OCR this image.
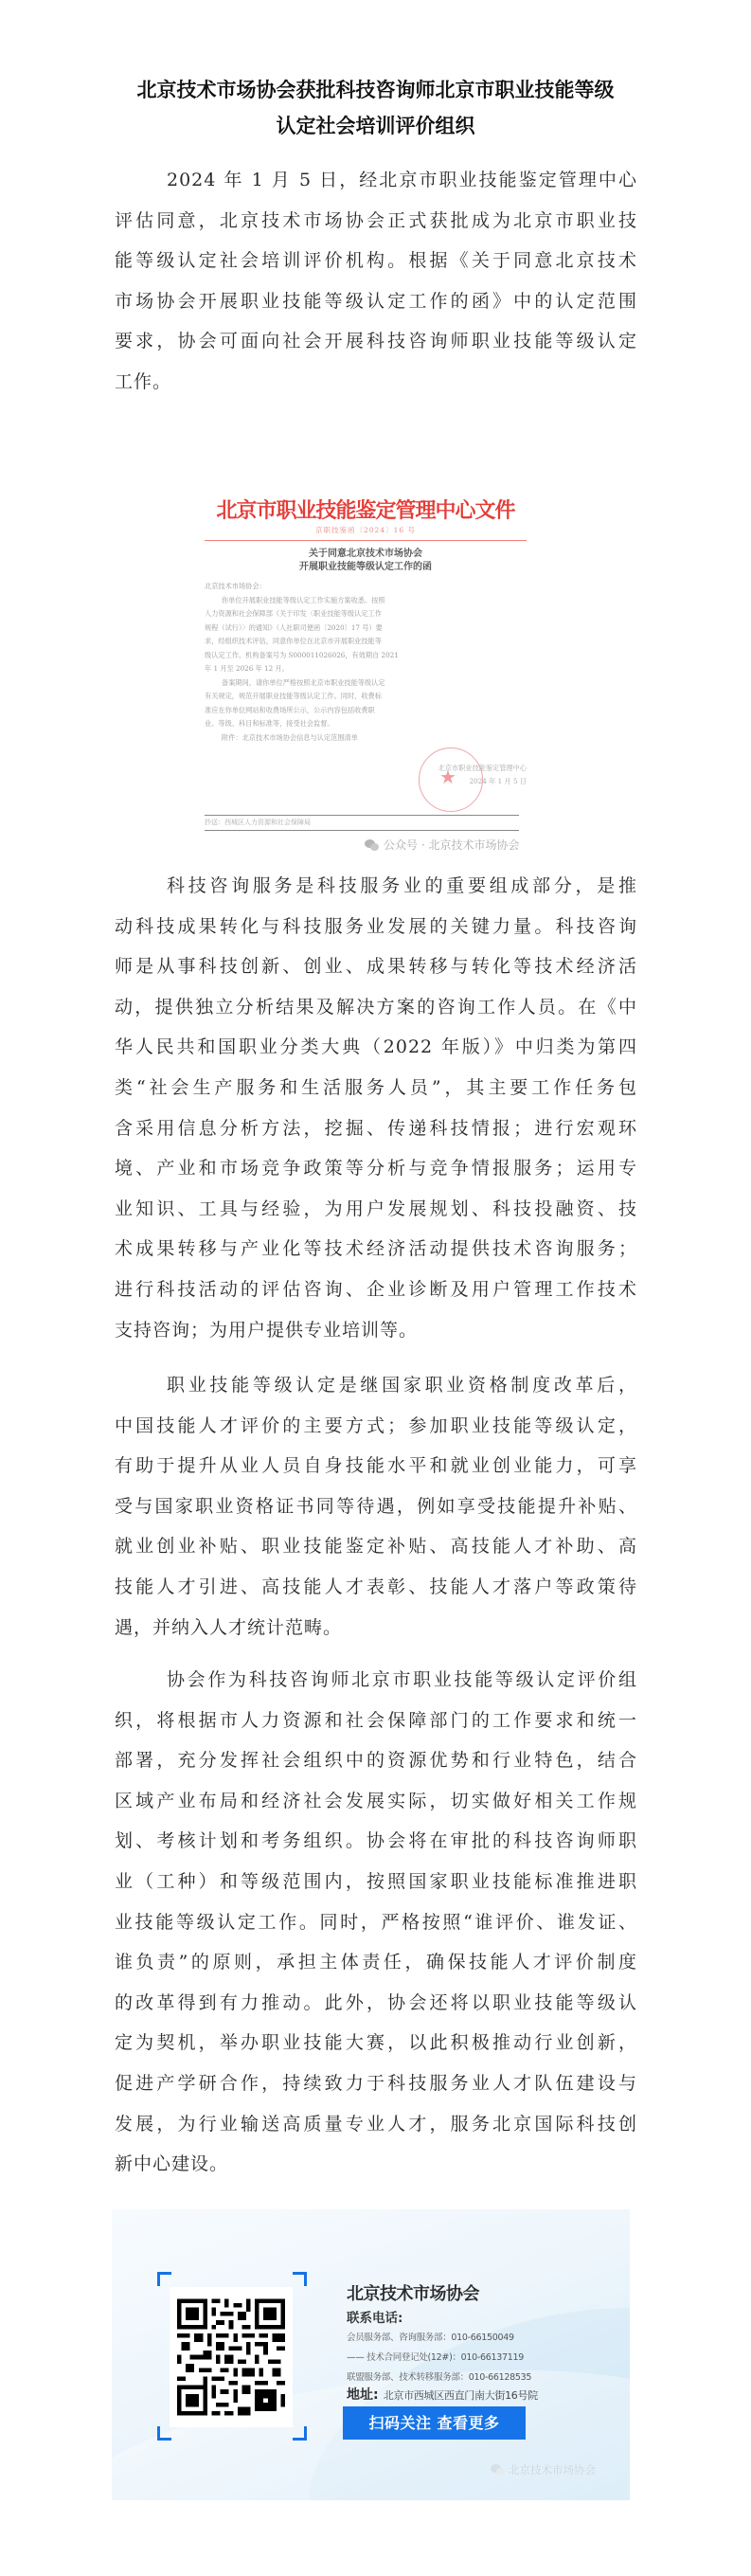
北京技术市场协会获批科技咨询师北京市职业技能等级
认定社会培训评价组织
2024 年 1 月 5 日，经北京市职业技能鉴定管理中心
评估同意，北京技术市场协会正式获批成为北京市职业技
能等级认定社会培训评价机构。根据《关于同意北京技术
市场协会开展职业技能等级认定工作的函》中的认定范围
要求，协会可面向社会开展科技咨询师职业技能等级认定
工作。
北京市职业技能鉴定管理中心文件
京职技鉴函〔2024〕16 号
关于同意北京技术市场协会
开展职业技能等级认定工作的函

北京技术市场协会：

你单位开展职业技能等级认定工作实施方案收悉。按照

人力资源和社会保障部《关于印发〈职业技能等级认定工作

规程（试行）〉的通知》（人社职司便函〔2020〕17 号）要

求，经组织技术评估，同意你单位在北京市开展职业技能等

级认定工作。机构备案号为 S000011026026，有效期自 2021

年 1 月至 2026 年 12 月。

备案期间，请你单位严格按照北京市职业技能等级认定

有关规定，规范开展职业技能等级认定工作。同时，收费标

准应在你单位网站和收费场所公示，公示内容包括收费职

业、等级、科目和标准等，接受社会监督。

附件：北京技术市场协会信息与认定范围清单

★
北京市职业技能鉴定管理中心
2024 年 1 月 5 日
抄送：西城区人力资源和社会保障局
公众号 · 北京技术市场协会
科技咨询服务是科技服务业的重要组成部分，是推
动科技成果转化与科技服务业发展的关键力量。科技咨询
师是从事科技创新、创业、成果转移与转化等技术经济活
动，提供独立分析结果及解决方案的咨询工作人员。在《中
华人民共和国职业分类大典（2022 年版）》中归类为第四
类“社会生产服务和生活服务人员”，其主要工作任务包
含采用信息分析方法，挖掘、传递科技情报；进行宏观环
境、产业和市场竞争政策等分析与竞争情报服务；运用专
业知识、工具与经验，为用户发展规划、科技投融资、技
术成果转移与产业化等技术经济活动提供技术咨询服务；
进行科技活动的评估咨询、企业诊断及用户管理工作技术
支持咨询；为用户提供专业培训等。
职业技能等级认定是继国家职业资格制度改革后，
中国技能人才评价的主要方式；参加职业技能等级认定，
有助于提升从业人员自身技能水平和就业创业能力，可享
受与国家职业资格证书同等待遇，例如享受技能提升补贴、
就业创业补贴、职业技能鉴定补贴、高技能人才补助、高
技能人才引进、高技能人才表彰、技能人才落户等政策待
遇，并纳入人才统计范畴。
协会作为科技咨询师北京市职业技能等级认定评价组
织，将根据市人力资源和社会保障部门的工作要求和统一
部署，充分发挥社会组织中的资源优势和行业特色，结合
区域产业布局和经济社会发展实际，切实做好相关工作规
划、考核计划和考务组织。协会将在审批的科技咨询师职
业（工种）和等级范围内，按照国家职业技能标准推进职
业技能等级认定工作。同时，严格按照“谁评价、谁发证、
谁负责”的原则，承担主体责任，确保技能人才评价制度
的改革得到有力推动。此外，协会还将以职业技能等级认
定为契机，举办职业技能大赛，以此积极推动行业创新，
促进产学研合作，持续致力于科技服务业人才队伍建设与
发展，为行业输送高质量专业人才，服务北京国际科技创
新中心建设。
北京技术市场协会
联系电话:
会员服务部、咨询服务部：010-66150049
—— 技术合同登记处(12#)：010-66137119
联盟服务部、技术转移服务部：010-66128535
地址: 北京市西城区西直门南大街16号院
扫码关注 查看更多
北京技术市场协会
